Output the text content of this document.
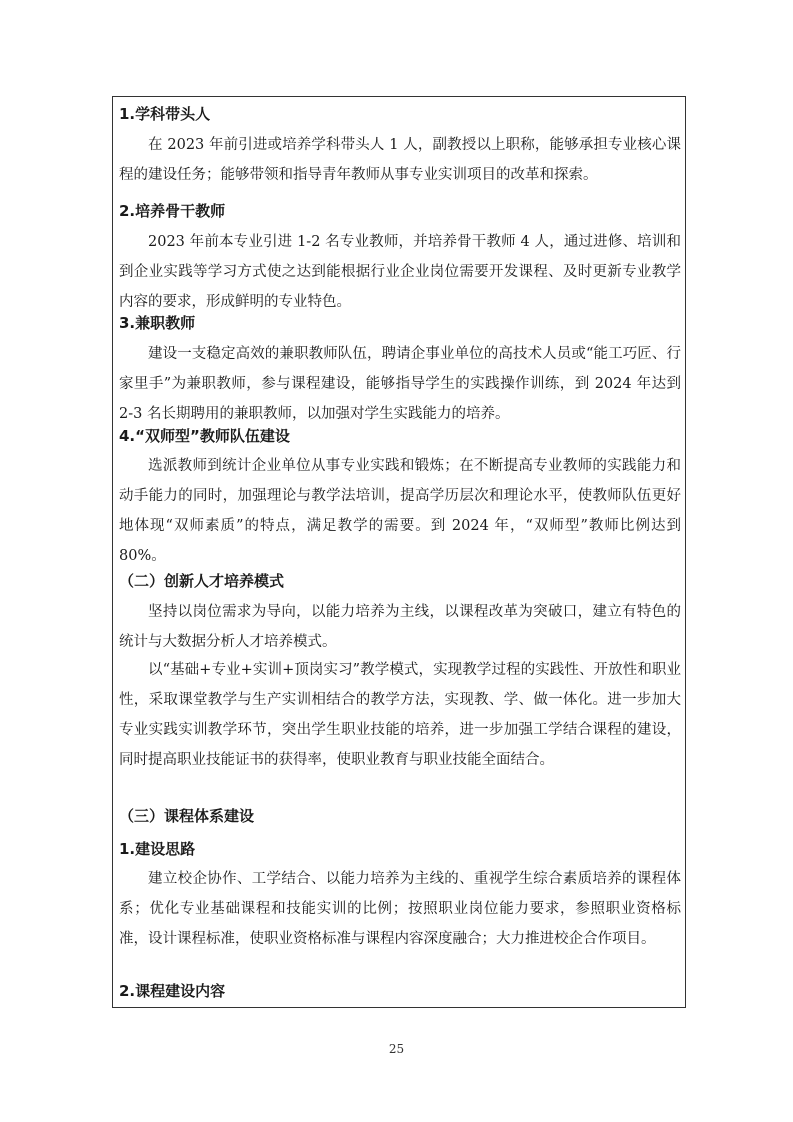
1.学科带头人

在 2023 年前引进或培养学科带头人 1 人，副教授以上职称，能够承担专业核心课程的建设任务；能够带领和指导青年教师从事专业实训项目的改革和探索。

2.培养骨干教师

2023 年前本专业引进 1-2 名专业教师，并培养骨干教师 4 人，通过进修、培训和到企业实践等学习方式使之达到能根据行业企业岗位需要开发课程、及时更新专业教学内容的要求，形成鲜明的专业特色。

3.兼职教师

建设一支稳定高效的兼职教师队伍，聘请企事业单位的高技术人员或“能工巧匠、行家里手”为兼职教师，参与课程建设，能够指导学生的实践操作训练，到 2024 年达到 2-3 名长期聘用的兼职教师，以加强对学生实践能力的培养。

4.“双师型”教师队伍建设

选派教师到统计企业单位从事专业实践和锻炼；在不断提高专业教师的实践能力和动手能力的同时，加强理论与教学法培训，提高学历层次和理论水平，使教师队伍更好地体现“双师素质”的特点，满足教学的需要。到 2024 年，“双师型”教师比例达到 80%。

（二）创新人才培养模式

坚持以岗位需求为导向，以能力培养为主线，以课程改革为突破口，建立有特色的统计与大数据分析人才培养模式。

以“基础+专业+实训+顶岗实习”教学模式，实现教学过程的实践性、开放性和职业性，采取课堂教学与生产实训相结合的教学方法，实现教、学、做一体化。进一步加大专业实践实训教学环节，突出学生职业技能的培养，进一步加强工学结合课程的建设，同时提高职业技能证书的获得率，使职业教育与职业技能全面结合。

（三）课程体系建设
1.建设思路

建立校企协作、工学结合、以能力培养为主线的、重视学生综合素质培养的课程体系；优化专业基础课程和技能实训的比例；按照职业岗位能力要求，参照职业资格标准，设计课程标准，使职业资格标准与课程内容深度融合；大力推进校企合作项目。

2.课程建设内容
25
